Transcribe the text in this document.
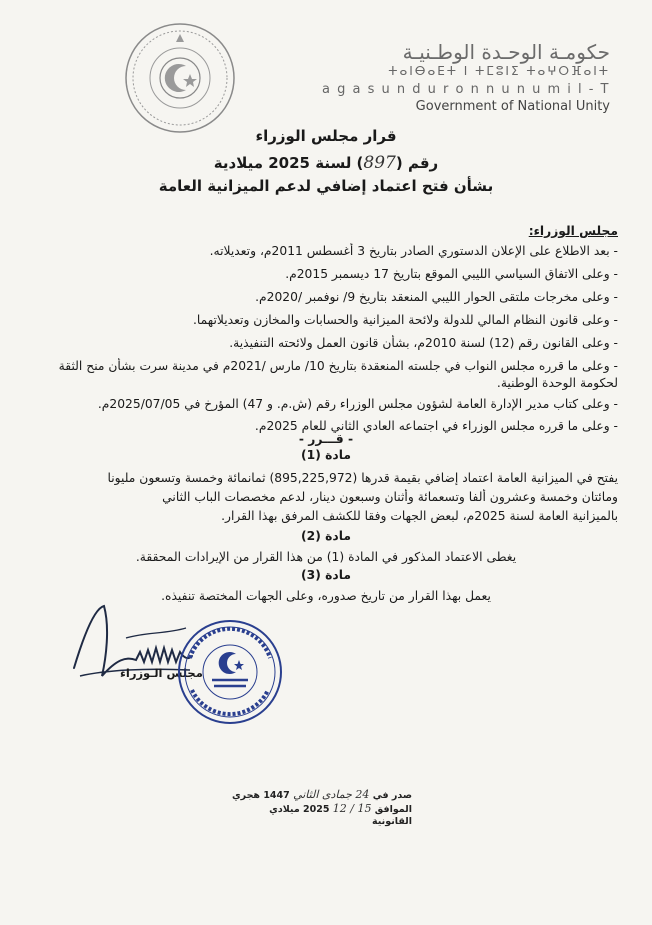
حكومـة الوحـدة الوطـنيـة
ⵜⴰⵏⴱⴰⴹⵜ ⵏ ⵜⵎⵓⵏⵉ ⵜⴰⵖⵔⴼⴰⵏⵜ
a g a s u n d u r o n n u n u m i l - T
Government of National Unity
قرار مجلس الوزراء
رقم (897) لسنة 2025 ميلادية
بشأن فتح اعتماد إضافي لدعم الميزانية العامة
مجلس الوزراء:
- بعد الاطلاع على الإعلان الدستوري الصادر بتاريخ 3 أغسطس 2011م، وتعديلاته.
- وعلى الاتفاق السياسي الليبي الموقع بتاريخ 17 ديسمبر 2015م.
- وعلى مخرجات ملتقى الحوار الليبي المنعقد بتاريخ 9/ نوفمبر /2020م.
- وعلى قانون النظام المالي للدولة ولائحة الميزانية والحسابات والمخازن وتعديلاتهما.
- وعلى القانون رقم (12) لسنة 2010م، بشأن قانون العمل ولائحته التنفيذية.
- وعلى ما قرره مجلس النواب في جلسته المنعقدة بتاريخ 10/ مارس /2021م في مدينة سرت بشأن منح الثقة
لحكومة الوحدة الوطنية.
- وعلى كتاب مدير الإدارة العامة لشؤون مجلس الوزراء رقم (ش.م. و 47) المؤرخ في 2025/07/05م.
- وعلى ما قرره مجلس الوزراء في اجتماعه العادي الثاني للعام 2025م.
- قـــرر -
مادة (1)
يفتح في الميزانية العامة اعتماد إضافي بقيمة قدرها (895,225,972) ثمانمائة وخمسة وتسعون مليونا
ومائتان وخمسة وعشرون ألفا وتسعمائة وأثنان وسبعون دينار، لدعم مخصصات الباب الثاني
بالميزانية العامة لسنة 2025م، لبعض الجهات وفقا للكشف المرفق بهذا القرار.
مادة (2)
يغطى الاعتماد المذكور في المادة (1) من هذا القرار من الإيرادات المحققة.
مادة (3)
يعمل بهذا القرار من تاريخ صدوره، وعلى الجهات المختصة تنفيذه.
مجلس الـوزراء
صدر في 24 جمادى الثاني 1447 هجري
الموافق 15 / 12 2025 ميلادي
القانونية
